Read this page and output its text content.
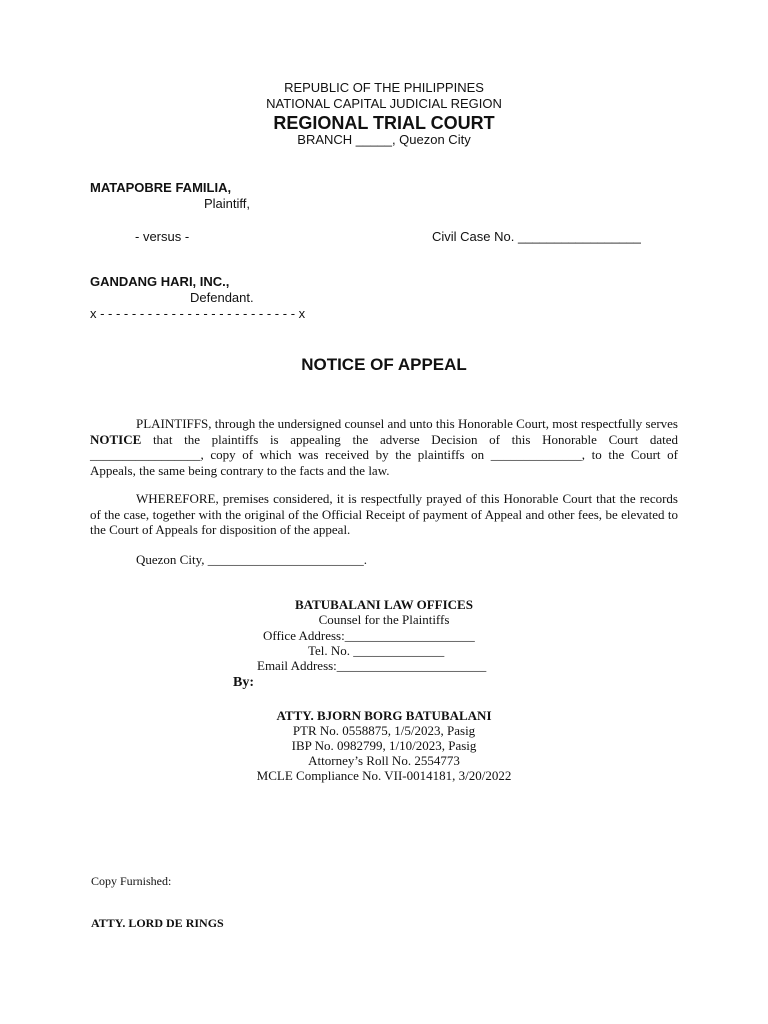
REPUBLIC OF THE PHILIPPINES
NATIONAL CAPITAL JUDICIAL REGION
REGIONAL TRIAL COURT
BRANCH _____, Quezon City
MATAPOBRE FAMILIA,
Plaintiff,
- versus -	Civil Case No. _________________
GANDANG HARI, INC.,
Defendant.
x - - - - - - - - - - - - - - - - - - - - - - - - - x
NOTICE OF APPEAL
PLAINTIFFS, through the undersigned counsel and unto this Honorable Court, most respectfully serves NOTICE that the plaintiffs is appealing the adverse Decision of this Honorable Court dated _________________, copy of which was received by the plaintiffs on ______________, to the Court of Appeals, the same being contrary to the facts and the law.
WHEREFORE, premises considered, it is respectfully prayed of this Honorable Court that the records of the case, together with the original of the Official Receipt of payment of Appeal and other fees, be elevated to the Court of Appeals for disposition of the appeal.
Quezon City, ________________________.
BATUBALANI LAW OFFICES
Counsel for the Plaintiffs
Office Address:____________________
Tel. No. ______________
Email Address:_______________________
By:
ATTY. BJORN BORG BATUBALANI
PTR No. 0558875, 1/5/2023, Pasig
IBP No. 0982799, 1/10/2023, Pasig
Attorney’s Roll No. 2554773
MCLE Compliance No. VII-0014181, 3/20/2022
Copy Furnished:
ATTY. LORD DE RINGS
